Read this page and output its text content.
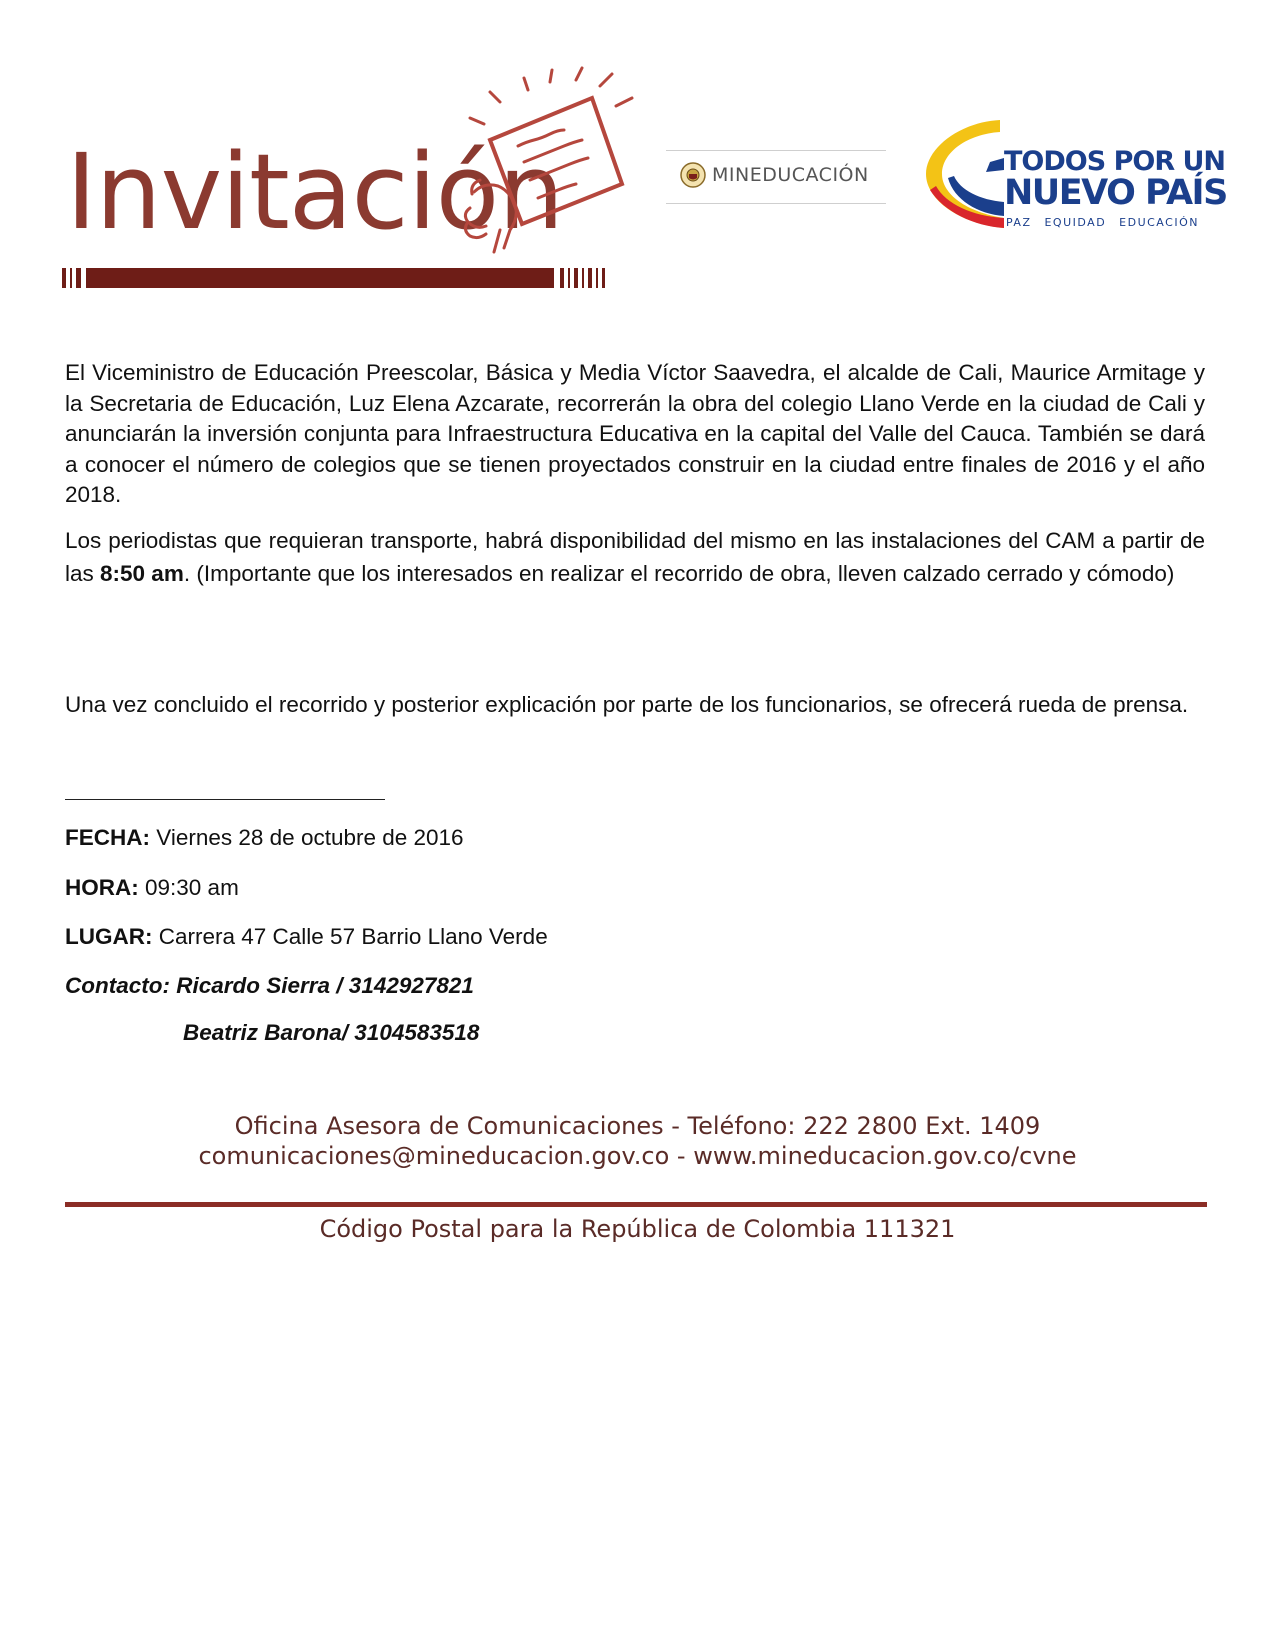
Invitación	MINEDUCACIÓN	TODOS POR UN
NUEVO PAÍS
PAZ EQUIDAD EDUCACIÓN
El Viceministro de Educación Preescolar, Básica y Media Víctor Saavedra, el alcalde de Cali, Maurice Armitage y la Secretaria de Educación, Luz Elena Azcarate, recorrerán la obra del colegio Llano Verde en la ciudad de Cali y anunciarán la inversión conjunta para Infraestructura Educativa en la capital del Valle del Cauca. También se dará a conocer el número de colegios que se tienen proyectados construir en la ciudad entre finales de 2016 y el año 2018.
Los periodistas que requieran transporte, habrá disponibilidad del mismo en las instalaciones del CAM a partir de las 8:50 am. (Importante que los interesados en realizar el recorrido de obra, lleven calzado cerrado y cómodo)
Una vez concluido el recorrido y posterior explicación por parte de los funcionarios, se ofrecerá rueda de prensa.
FECHA: Viernes 28 de octubre de 2016
HORA: 09:30 am
LUGAR: Carrera 47 Calle 57 Barrio Llano Verde
Contacto: Ricardo Sierra / 3142927821
Beatriz Barona/ 3104583518
Oficina Asesora de Comunicaciones - Teléfono: 222 2800 Ext. 1409
comunicaciones@mineducacion.gov.co - www.mineducacion.gov.co/cvne
Código Postal para la República de Colombia 111321
